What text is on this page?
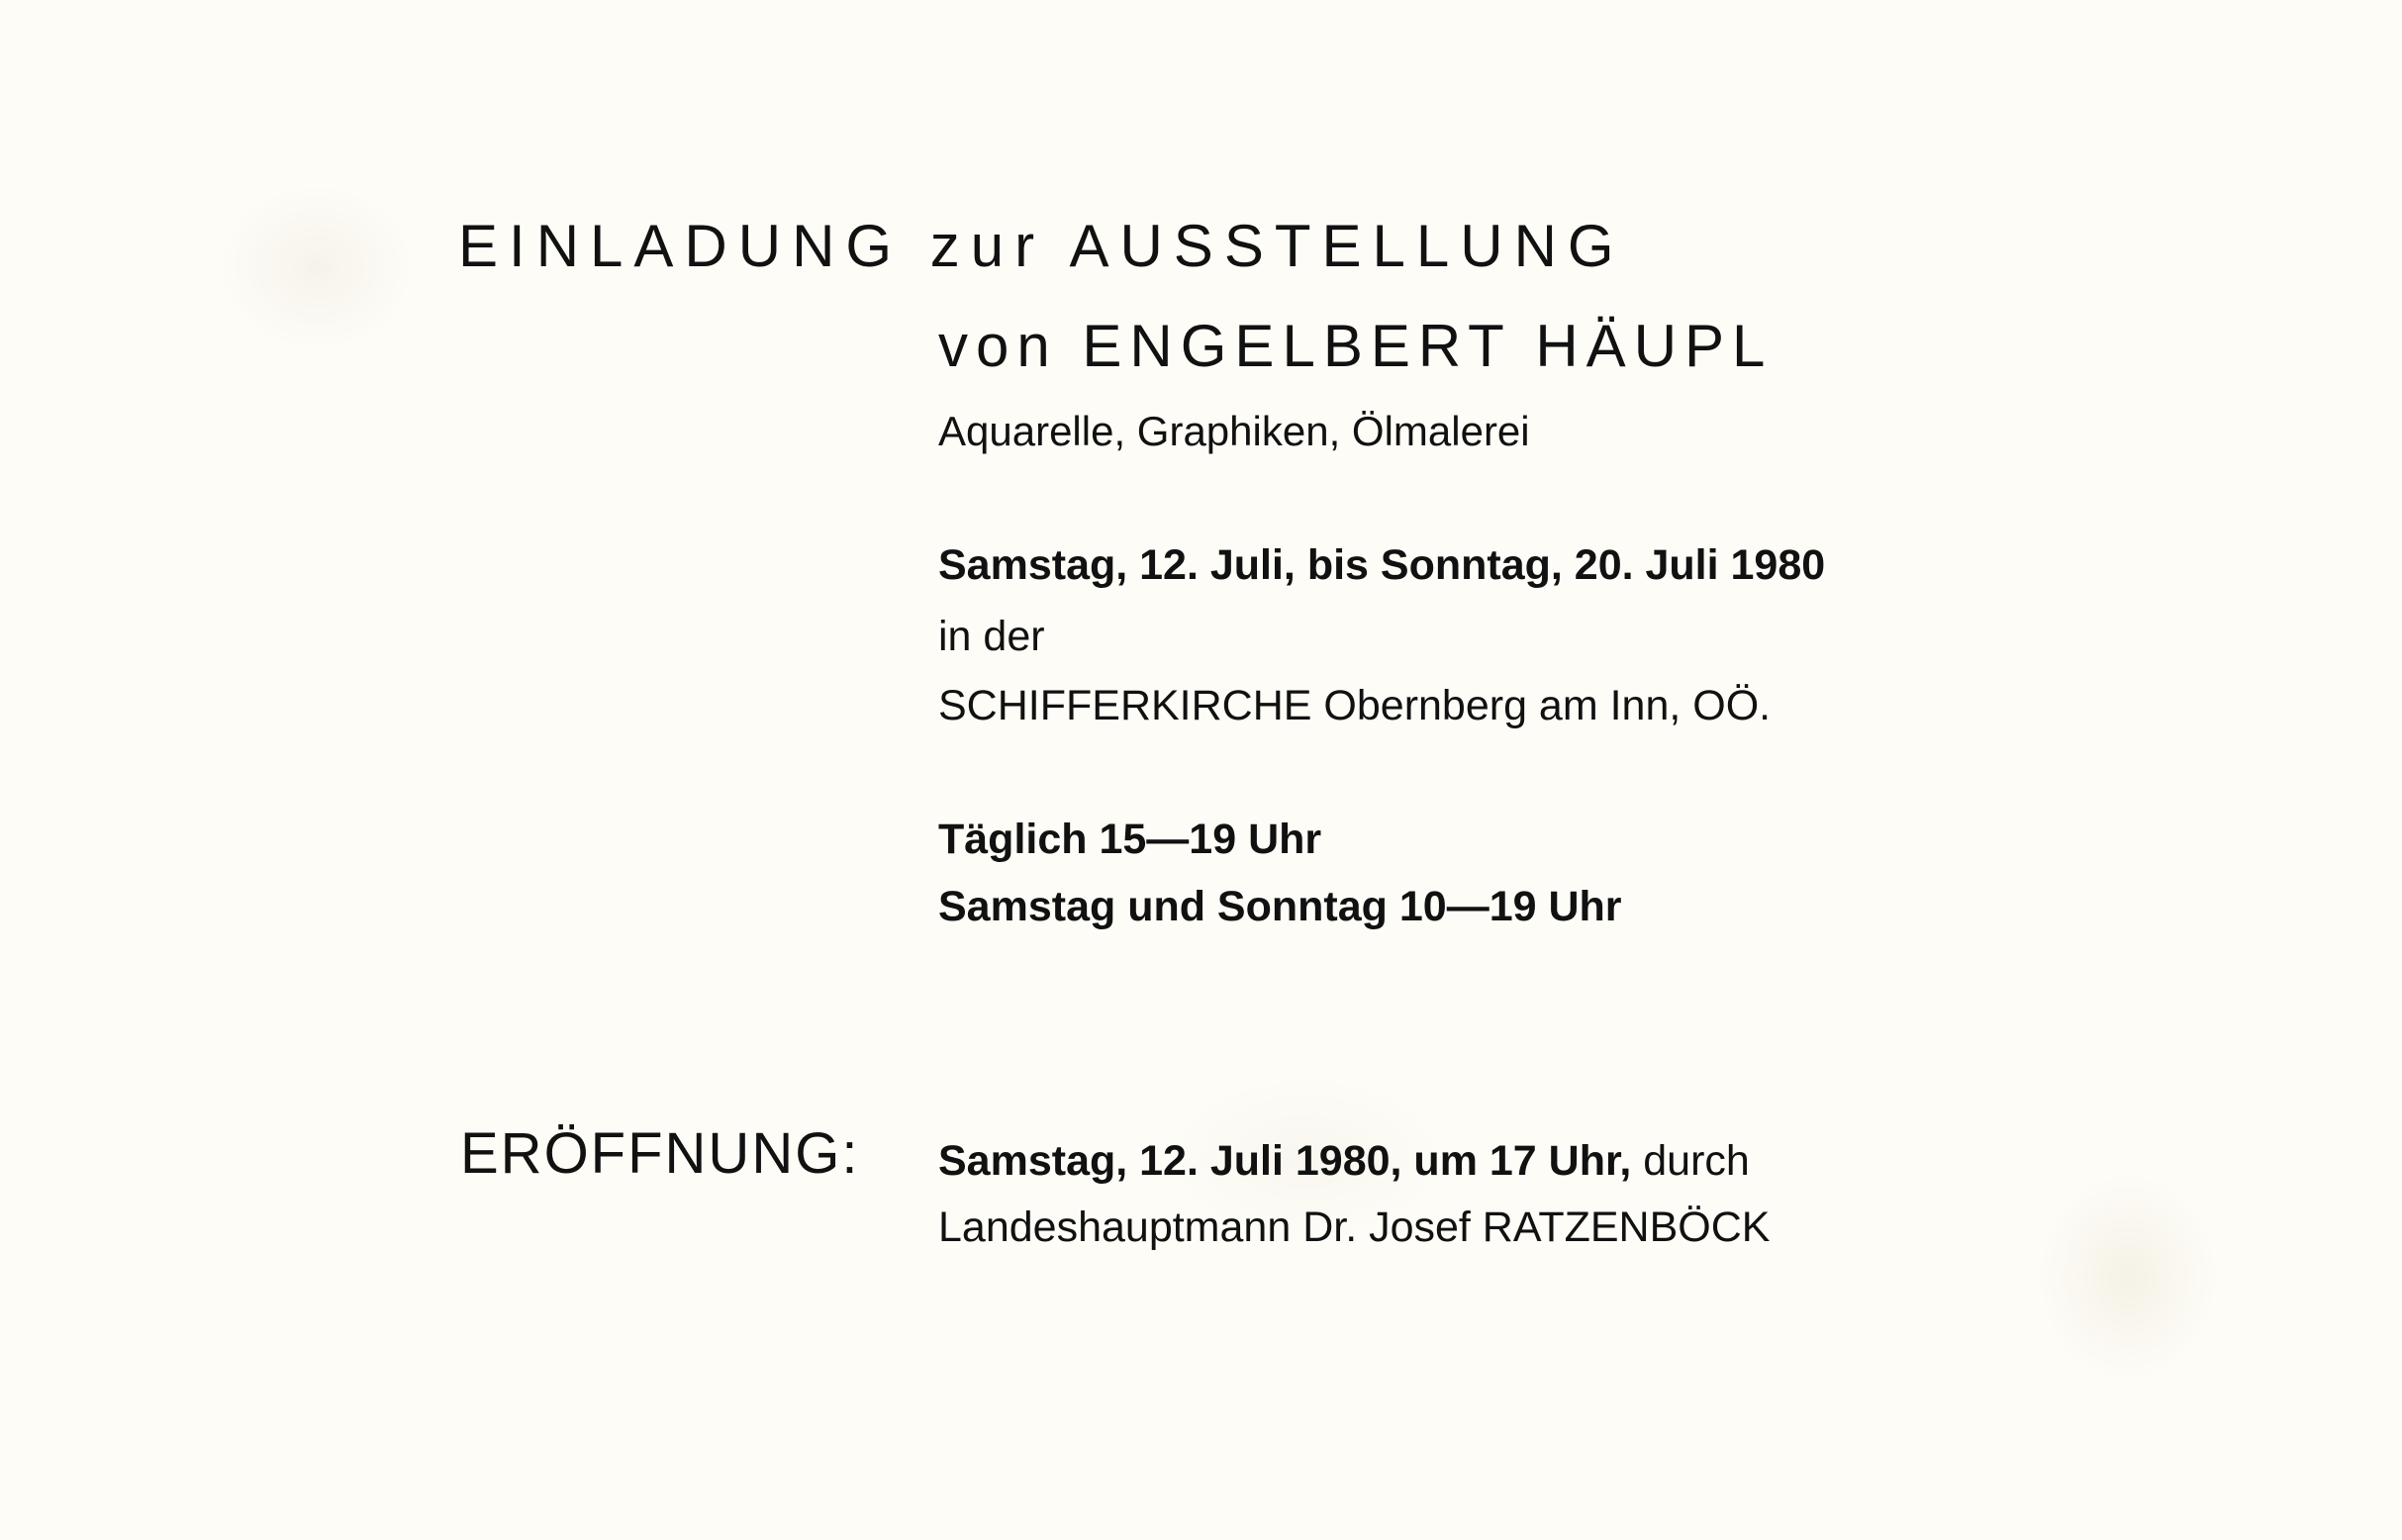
EINLADUNG zur AUSSTELLUNG
von ENGELBERT HÄUPL
Aquarelle, Graphiken, Ölmalerei
Samstag, 12. Juli, bis Sonntag, 20. Juli 1980
in der
SCHIFFERKIRCHE Obernberg am Inn, OÖ.
Täglich 15—19 Uhr
Samstag und Sonntag 10—19 Uhr
ERÖFFNUNG: Samstag, 12. Juli 1980, um 17 Uhr, durch
Landeshauptmann Dr. Josef RATZENBÖCK
